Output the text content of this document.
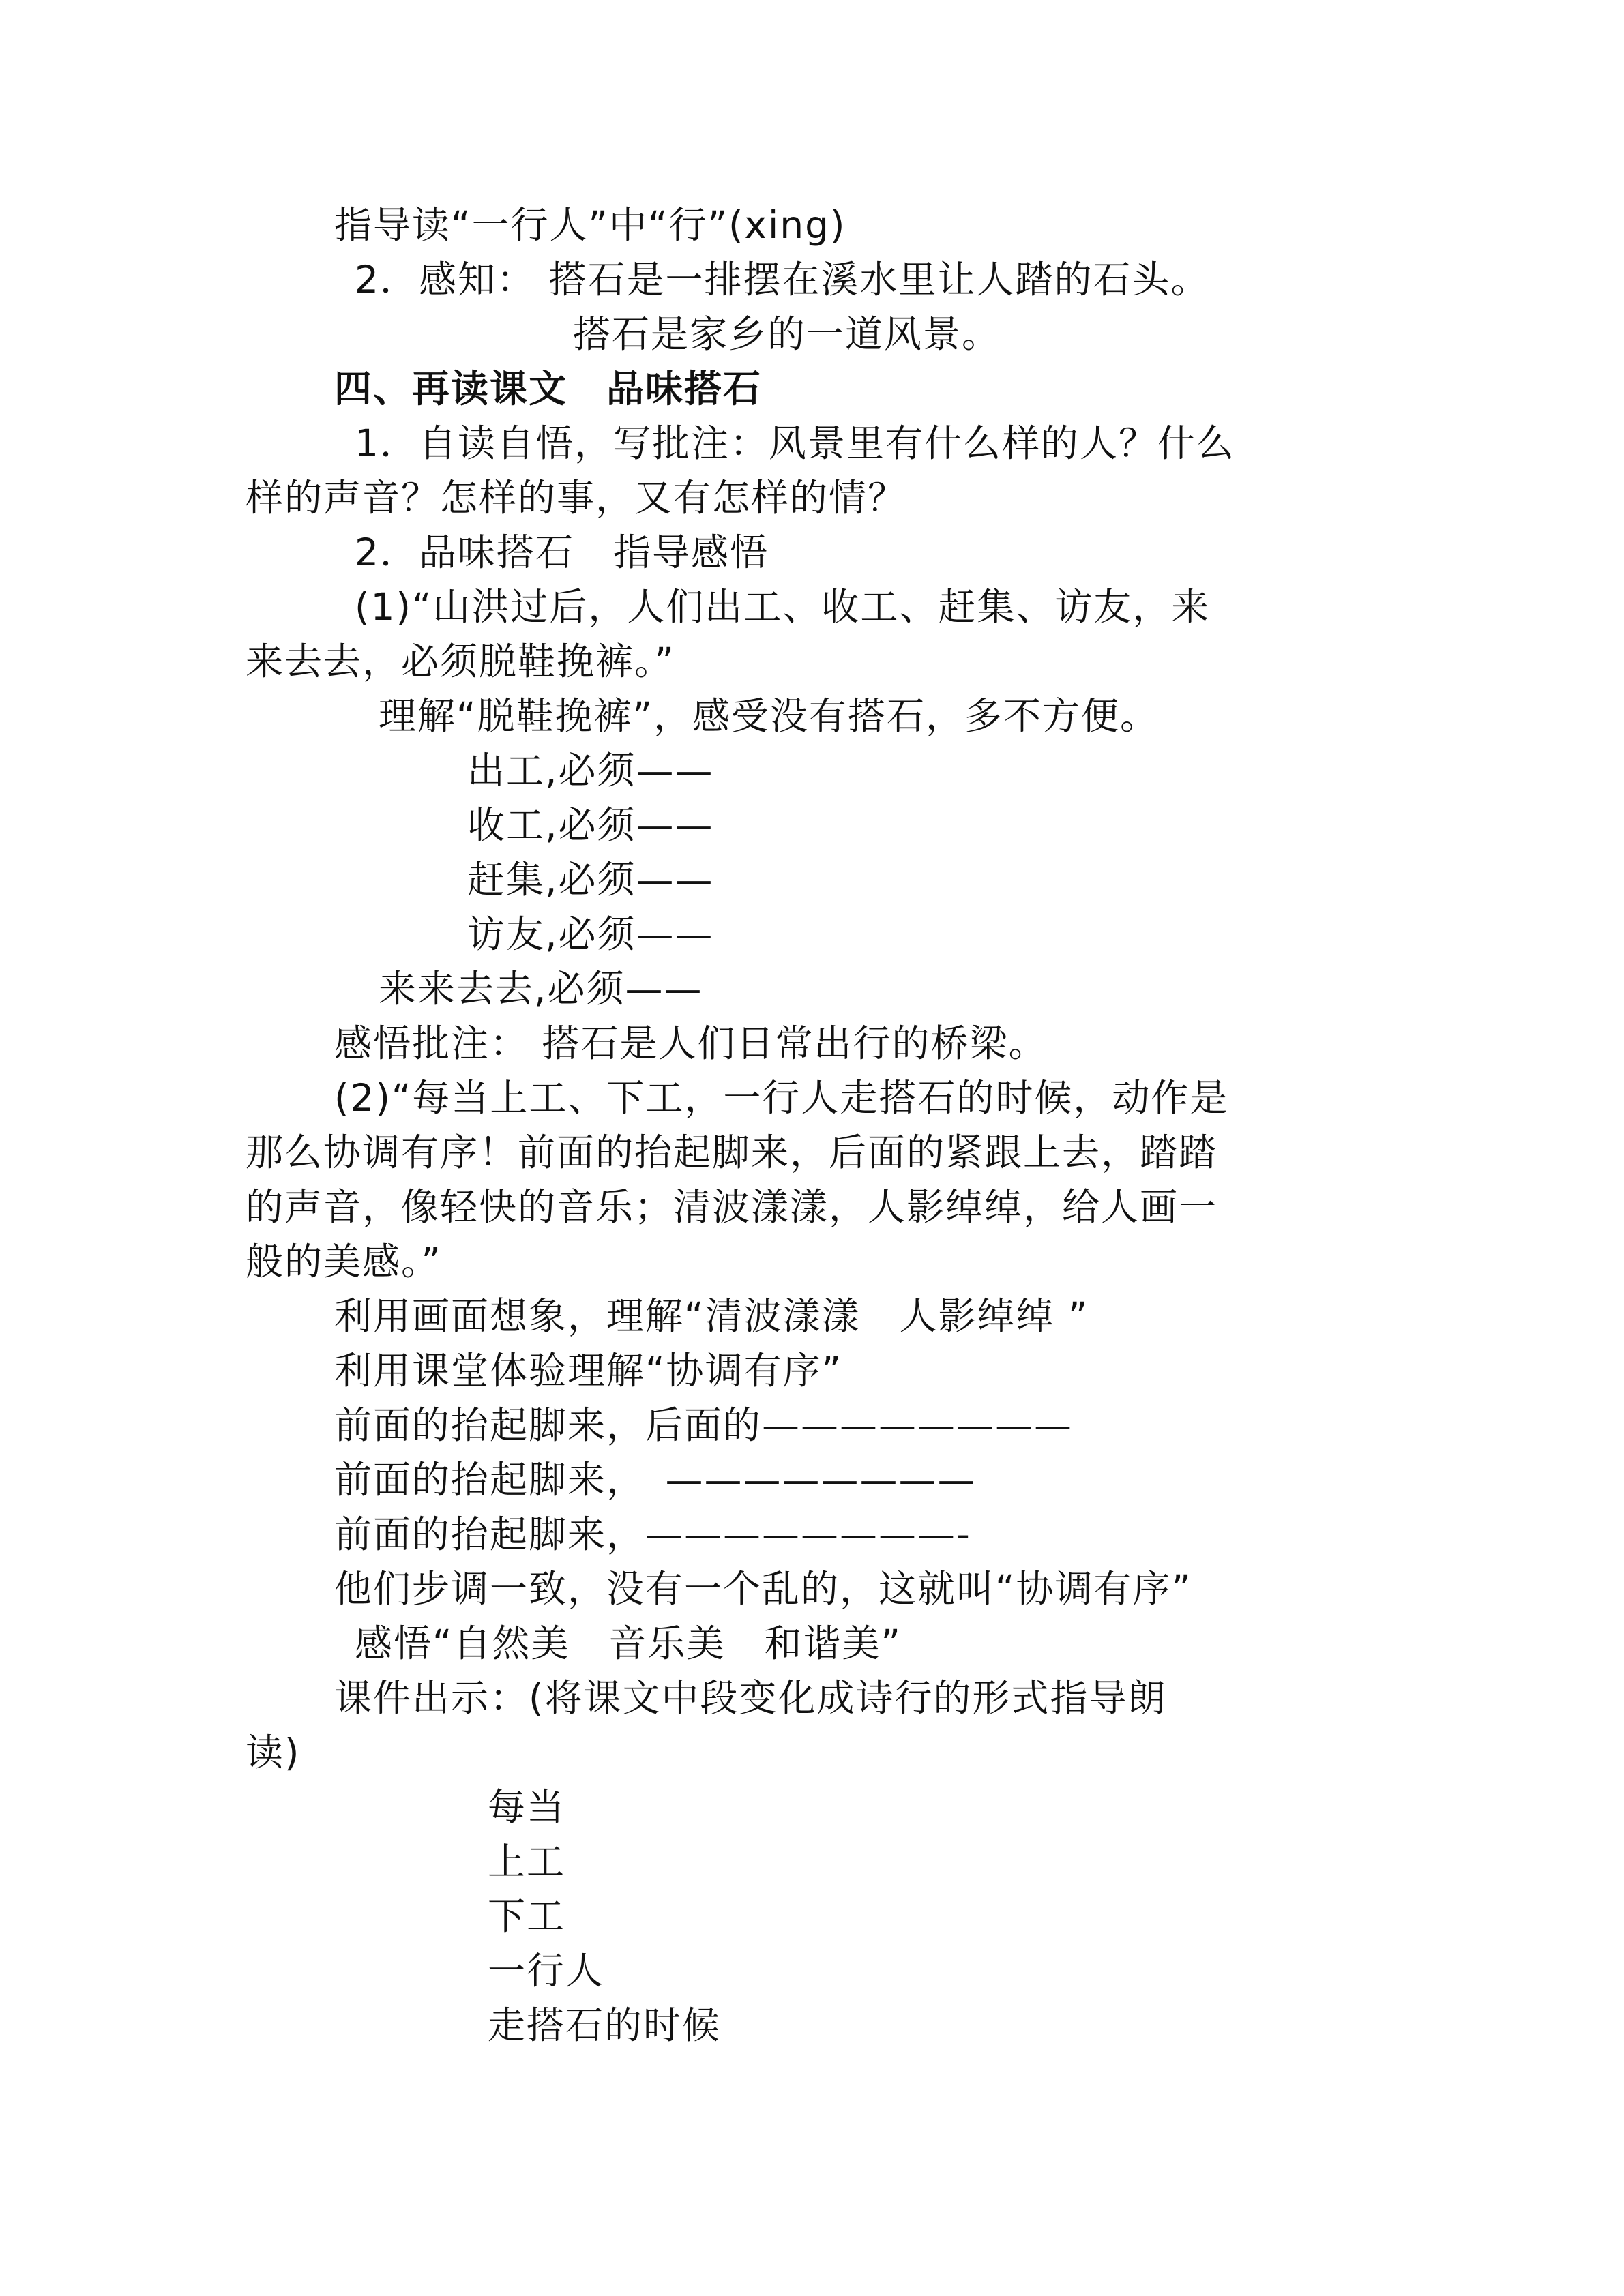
指导读“一行人”中“行”(xing)

2．感知： 搭石是一排摆在溪水里让人踏的石头。

搭石是家乡的一道风景。

四、再读课文　品味搭石

1．自读自悟，写批注：风景里有什么样的人？什么

样的声音？怎样的事，又有怎样的情？

2．品味搭石　指导感悟

(1)“山洪过后，人们出工、收工、赶集、访友，来

来去去，必须脱鞋挽裤。”

理解“脱鞋挽裤”，感受没有搭石，多不方便。

出工,必须——

收工,必须——

赶集,必须——

访友,必须——

来来去去,必须——

感悟批注： 搭石是人们日常出行的桥梁。

(2)“每当上工、下工，一行人走搭石的时候，动作是

那么协调有序！前面的抬起脚来，后面的紧跟上去，踏踏

的声音，像轻快的音乐；清波漾漾，人影绰绰，给人画一

般的美感。”

利用画面想象，理解“清波漾漾　人影绰绰 ”

利用课堂体验理解“协调有序”

前面的抬起脚来，后面的————————

前面的抬起脚来，　————————

前面的抬起脚来，————————-

他们步调一致，没有一个乱的，这就叫“协调有序”

感悟“自然美　音乐美　和谐美”

课件出示：(将课文中段变化成诗行的形式指导朗

读)

每当

上工

下工

一行人

走搭石的时候
